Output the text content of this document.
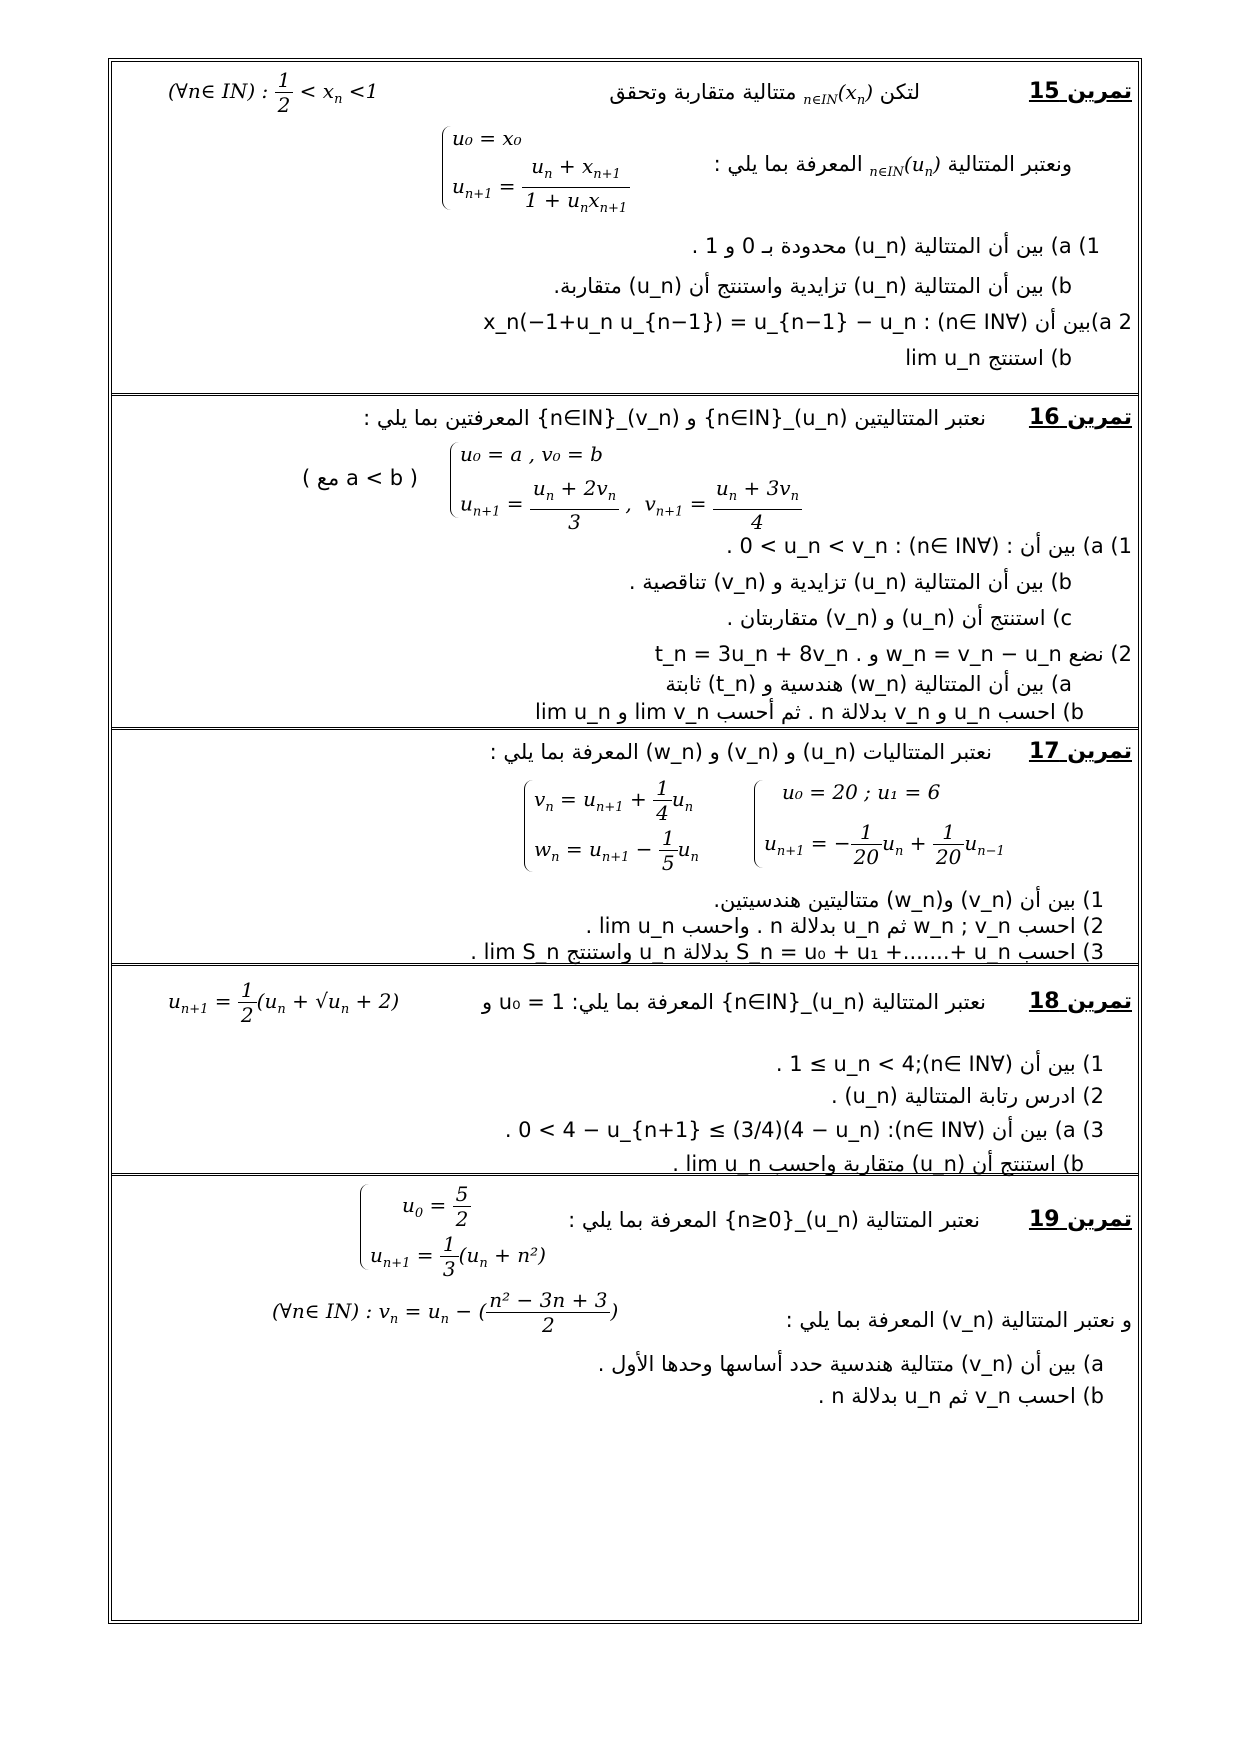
تمرين 15
لتكن $(x_n)_{n\in IN}$ متتالية متقاربة وتحقق
(∀n∈ IN) : $\frac{1}{2} < x_n <1$
ونعتبر المتتالية $(u_n)_{n\in IN}$ المعرفة بما يلي :
u₀ = x₀
$u_{n+1} = \frac{u_n + x_{n+1}}{1 + u_nx_{n+1}}$
1) a) بين أن المتتالية (u_n) محدودة بـ 0 و 1 .
b) بين أن المتتالية (u_n) تزايدية واستنتج أن (u_n) متقاربة.
2 a)بين أن (∀n∈ IN) : x_n(−1+u_n u_{n−1}) = u_{n−1} − u_n
b) استنتج lim u_n
تمرين 16
نعتبر المتتاليتين (u_n)_{n∈IN} و (v_n)_{n∈IN} المعرفتين بما يلي :
u₀ = a , v₀ = b
$u_{n+1} = \frac{u_n + 2v_n}{3}$ ,  $v_{n+1} = \frac{u_n + 3v_n}{4}$
( a < b مع )
1) a) بين أن : (∀n∈ IN) : 0 < u_n < v_n .
b) بين أن المتتالية (u_n) تزايدية و (v_n) تناقصية .
c) استنتج أن (u_n) و (v_n) متقاربتان .
2) نضع w_n = v_n − u_n و . t_n = 3u_n + 8v_n
a) بين أن المتتالية (w_n) هندسية و (t_n) ثابتة
b) احسب u_n و v_n بدلالة n . ثم أحسب lim v_n و lim u_n
تمرين 17
نعتبر المتتاليات (u_n) و (v_n) و (w_n) المعرفة بما يلي :
u₀ = 20 ; u₁ = 6
$u_{n+1}$ = − $\frac{1}{20} u_n + \frac{1}{20} u_{n-1}$
$v_n = u_{n+1} + \frac{1}{4} u_n$
$w_n = u_{n+1} - \frac{1}{5} u_n$
1) بين أن (v_n) و(w_n) متتاليتين هندسيتين.
2) احسب w_n ; v_n ثم u_n بدلالة n . واحسب lim u_n .
3) احسب S_n = u₀ + u₁ +.......+ u_n بدلالة u_n واستنتج lim S_n .
تمرين 18
نعتبر المتتالية (u_n)_{n∈IN} المعرفة بما يلي: u₀ = 1 و
$u_{n+1} = \frac{1}{2} (u_n + √u_n + 2)$
1) بين أن (∀n∈ IN);1 ≤ u_n < 4 .
2) ادرس رتابة المتتالية (u_n) .
3) a) بين أن (∀n∈ IN): 0 < 4 − u_{n+1} ≤ (3/4)(4 − u_n) .
b) استنتج أن (u_n) متقاربة واحسب lim u_n .
تمرين 19
نعتبر المتتالية (u_n)_{n≥0} المعرفة بما يلي :
$u_0 = \frac{5}{2}$
$u_{n+1} = \frac{1}{3} (u_n + n^2)$
و نعتبر المتتالية (v_n) المعرفة بما يلي :
(∀n∈ IN) : $v_n = u_n$ − ( $\frac{\text{n² − 3n + 3}}{2}$ )
a) بين أن (v_n) متتالية هندسية حدد أساسها وحدها الأول .
b) احسب v_n ثم u_n بدلالة n .
